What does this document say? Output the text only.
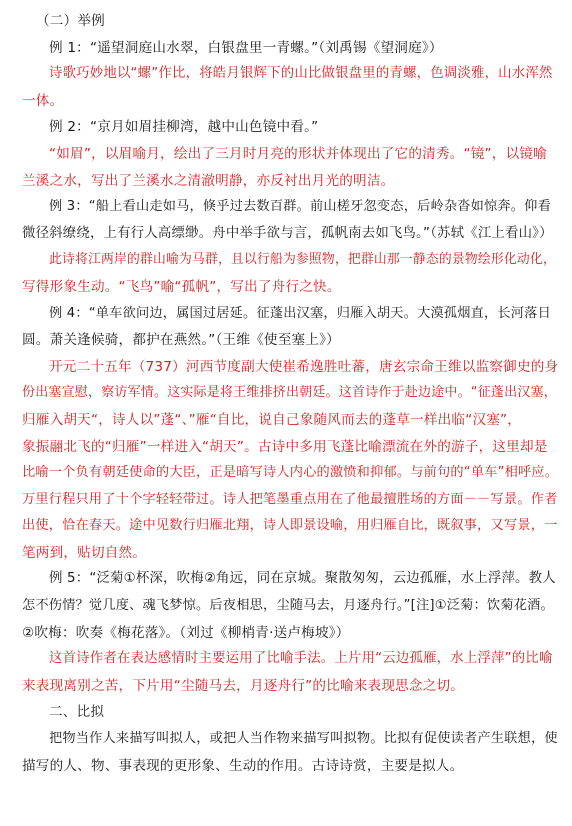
（二）举例
例 1：“遥望洞庭山水翠，白银盘里一青螺。”（刘禹锡《望洞庭》）
诗歌巧妙地以“螺”作比，将皓月银辉下的山比做银盘里的青螺，色调淡雅，山水浑然
一体。
例 2：“京月如眉挂柳湾，越中山色镜中看。”
“如眉”，以眉喻月，绘出了三月时月亮的形状并体现出了它的清秀。“镜”，以镜喻
兰溪之水，写出了兰溪水之清澈明静，亦反衬出月光的明洁。
例 3：“船上看山走如马，倏乎过去数百群。前山槎牙忽变态，后岭杂沓如惊奔。仰看
微径斜缭绕，上有行人高缥缈。舟中举手欲与言，孤帆南去如飞鸟。”（苏轼《江上看山》）
此诗将江两岸的群山喻为马群，且以行船为参照物，把群山那一静态的景物绘形化动化，
写得形象生动。“飞鸟”喻“孤帆”，写出了舟行之快。
例 4：“单车欲问边，属国过居延。征蓬出汉塞，归雁入胡天。大漠孤烟直，长河落日
圆。萧关逢候骑，都护在燕然。”（王维《使至塞上》）
开元二十五年（737）河西节度副大使崔希逸胜吐蕃，唐玄宗命王维以监察御史的身
份出塞宣慰，察访军情。这实际是将王维排挤出朝廷。这首诗作于赴边途中。“征蓬出汉塞，
归雁入胡天“，诗人以”蓬“、”雁“自比，说自己象随风而去的蓬草一样出临“汉塞”，
象振翮北飞的“归雁”一样进入“胡天”。古诗中多用飞蓬比喻漂流在外的游子，这里却是
比喻一个负有朝廷使命的大臣，正是暗写诗人内心的激愤和抑郁。与前句的“单车”相呼应。
万里行程只用了十个字轻轻带过。诗人把笔墨重点用在了他最擅胜场的方面－－写景。作者
出使，恰在春天。途中见数行归雁北翔，诗人即景设喻，用归雁自比，既叙事，又写景，一
笔两到，贴切自然。
例 5：“泛菊①杯深，吹梅②角远，同在京城。聚散匆匆，云边孤雁，水上浮萍。教人
怎不伤情？觉几度、魂飞梦惊。后夜相思，尘随马去，月逐舟行。”[注]①泛菊：饮菊花酒。
②吹梅：吹奏《梅花落》。（刘过《柳梢青·送卢梅坡》）
这首诗作者在表达感情时主要运用了比喻手法。上片用“云边孤雁，水上浮萍”的比喻
来表现离别之苦，下片用“尘随马去，月逐舟行”的比喻来表现思念之切。
二、比拟
把物当作人来描写叫拟人，或把人当作物来描写叫拟物。比拟有促使读者产生联想，使
描写的人、物、事表现的更形象、生动的作用。古诗诗赏，主要是拟人。
